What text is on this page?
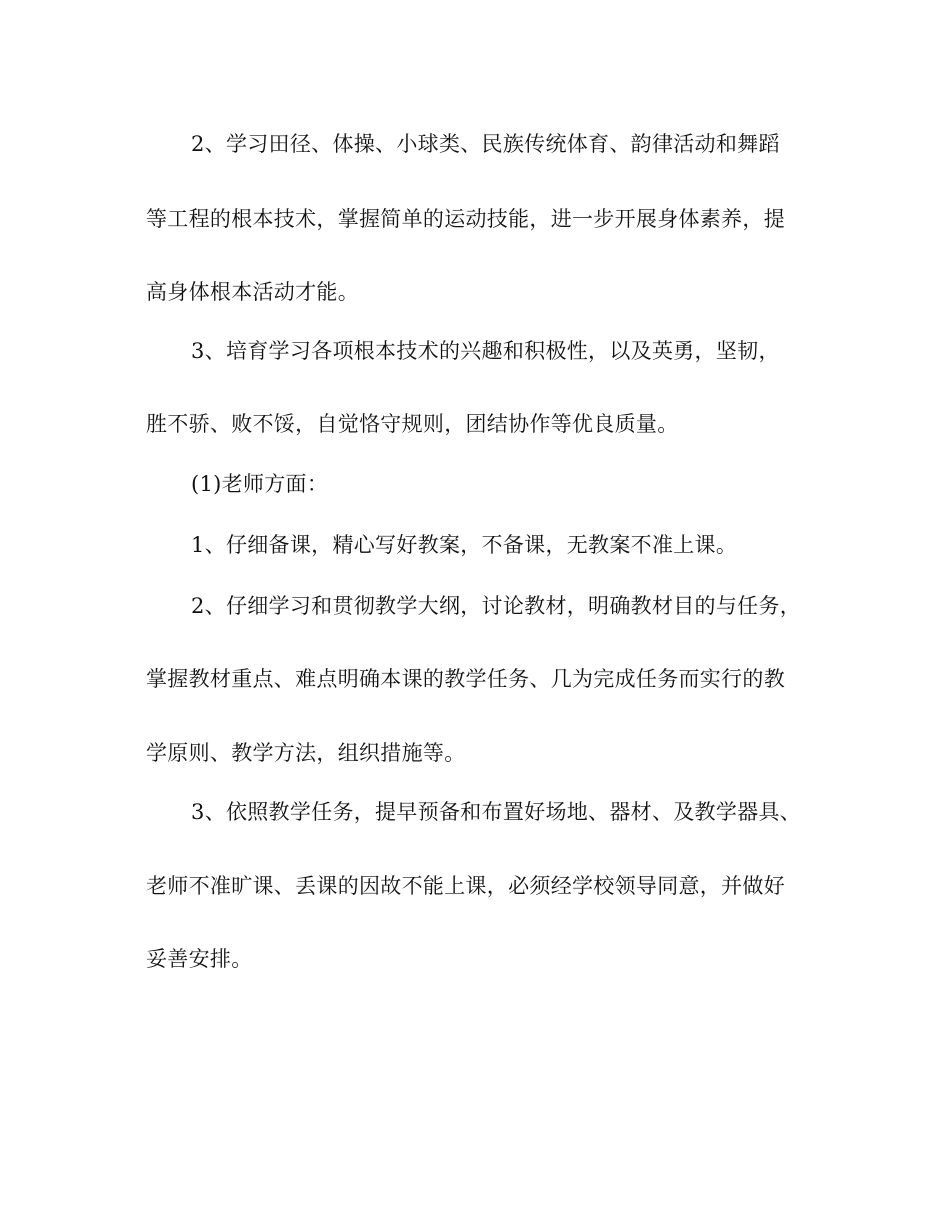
2、学习田径、体操、小球类、民族传统体育、韵律活动和舞蹈

等工程的根本技术，掌握简单的运动技能，进一步开展身体素养，提

高身体根本活动才能。

3、培育学习各项根本技术的兴趣和积极性，以及英勇，坚韧，

胜不骄、败不馁，自觉恪守规则，团结协作等优良质量。

(1)老师方面：

1、仔细备课，精心写好教案，不备课，无教案不准上课。

2、仔细学习和贯彻教学大纲，讨论教材，明确教材目的与任务，

掌握教材重点、难点明确本课的教学任务、几为完成任务而实行的教

学原则、教学方法，组织措施等。

3、依照教学任务，提早预备和布置好场地、器材、及教学器具、

老师不准旷课、丢课的因故不能上课，必须经学校领导同意，并做好

妥善安排。
